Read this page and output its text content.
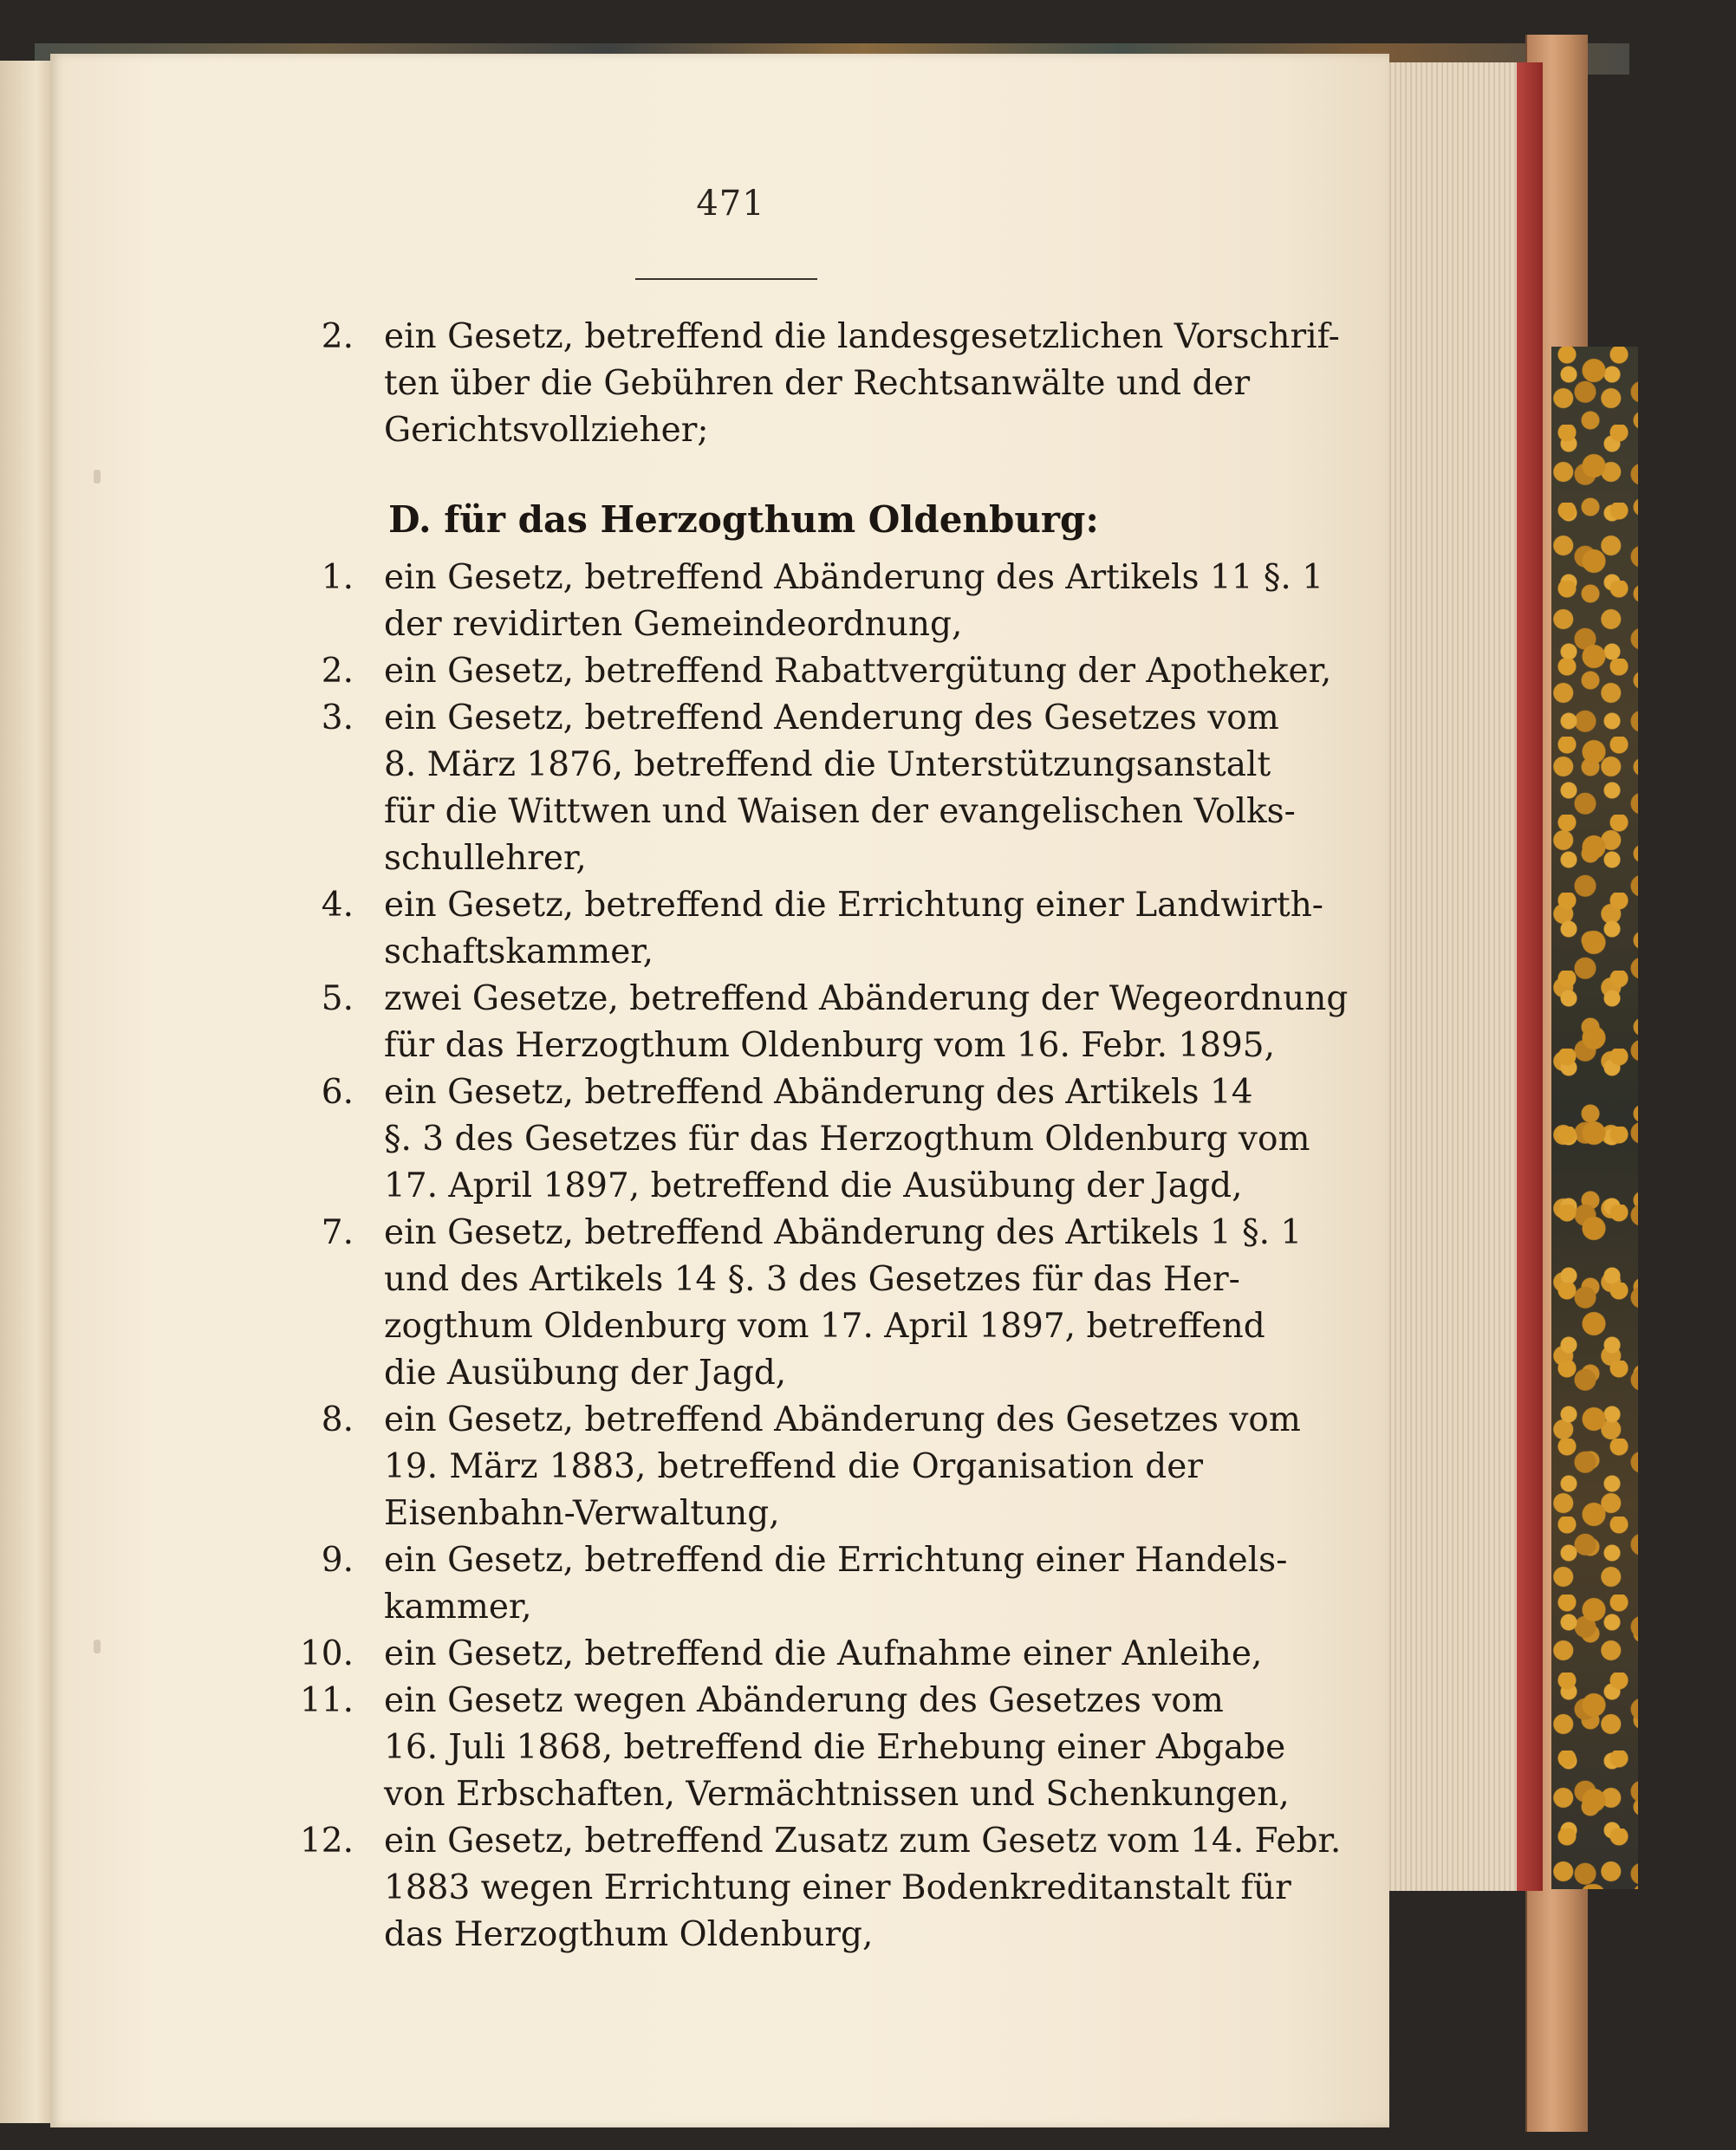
471
D. für das Herzogthum Oldenburg:
2. ein Gesetz, betreffend die landesgesetzlichen Vorschrif-
ten über die Gebühren der Rechtsanwälte und der
Gerichtsvollzieher;
1. ein Gesetz, betreffend Abänderung des Artikels 11 §. 1
der revidirten Gemeindeordnung,
2. ein Gesetz, betreffend Rabattvergütung der Apotheker,
3. ein Gesetz, betreffend Aenderung des Gesetzes vom
8. März 1876, betreffend die Unterstützungsanstalt
für die Wittwen und Waisen der evangelischen Volks-
schullehrer,
4. ein Gesetz, betreffend die Errichtung einer Landwirth-
schaftskammer,
5. zwei Gesetze, betreffend Abänderung der Wegeordnung
für das Herzogthum Oldenburg vom 16. Febr. 1895,
6. ein Gesetz, betreffend Abänderung des Artikels 14
§. 3 des Gesetzes für das Herzogthum Oldenburg vom
17. April 1897, betreffend die Ausübung der Jagd,
7. ein Gesetz, betreffend Abänderung des Artikels 1 §. 1
und des Artikels 14 §. 3 des Gesetzes für das Her-
zogthum Oldenburg vom 17. April 1897, betreffend
die Ausübung der Jagd,
8. ein Gesetz, betreffend Abänderung des Gesetzes vom
19. März 1883, betreffend die Organisation der
Eisenbahn-Verwaltung,
9. ein Gesetz, betreffend die Errichtung einer Handels-
kammer,
10. ein Gesetz, betreffend die Aufnahme einer Anleihe,
11. ein Gesetz wegen Abänderung des Gesetzes vom
16. Juli 1868, betreffend die Erhebung einer Abgabe
von Erbschaften, Vermächtnissen und Schenkungen,
12. ein Gesetz, betreffend Zusatz zum Gesetz vom 14. Febr.
1883 wegen Errichtung einer Bodenkreditanstalt für
das Herzogthum Oldenburg,
